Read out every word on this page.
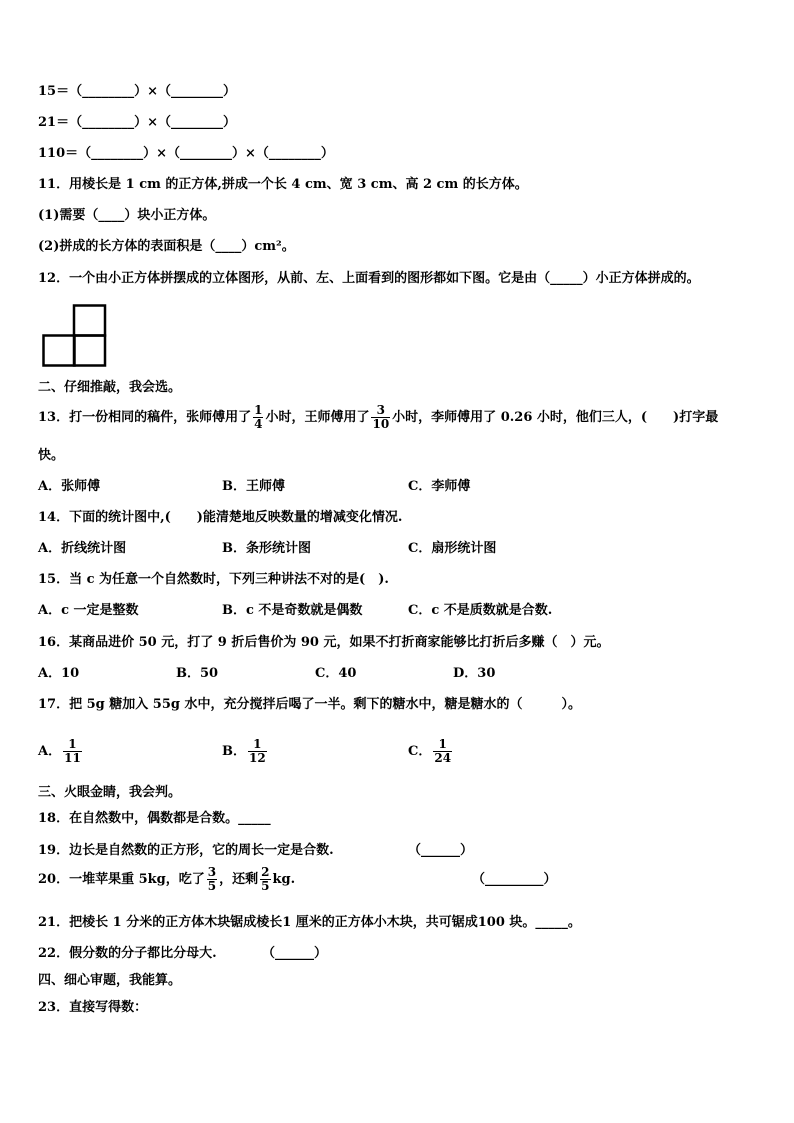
15＝（________）×（________）
21＝（________）×（________）
110＝（________）×（________）×（________）
11．用棱长是 1 cm 的正方体,拼成一个长 4 cm、宽 3 cm、高 2 cm 的长方体。
(1)需要（____）块小正方体。
(2)拼成的长方体的表面积是（____）cm²。
12．一个由小正方体拼摆成的立体图形，从前、左、上面看到的图形都如下图。它是由（_____）小正方体拼成的。
二、仔细推敲，我会选。
13．打一份相同的稿件，张师傅用了 $\frac{1}{4}$ 小时，王师傅用了 $\frac{3}{10}$ 小时，李师傅用了 0.26 小时，他们三人，(　　)打字最
快。
A．张师傅	B．王师傅	C．李师傅
14．下面的统计图中,(　　)能清楚地反映数量的增减变化情况.
A．折线统计图	B．条形统计图	C．扇形统计图
15．当 c 为任意一个自然数时，下列三种讲法不对的是(　).
A．c 一定是整数	B．c 不是奇数就是偶数	C．c 不是质数就是合数.
16．某商品进价 50 元，打了 9 折后售价为 90 元，如果不打折商家能够比打折后多赚（　）元。
A．10	B．50	C．40	D．30
17．把 5g 糖加入 55g 水中，充分搅拌后喝了一半。剩下的糖水中，糖是糖水的（　　　）。
A． $\frac{1}{11}$	B． $\frac{1}{12}$	C． $\frac{1}{24}$
三、火眼金睛，我会判。
18．在自然数中，偶数都是合数。_____
19．边长是自然数的正方形，它的周长一定是合数.	（______）
20．一堆苹果重 5kg，吃了 $\frac{3}{5}$ ，还剩 $\frac{2}{5}$ kg.	（_________）
21．把棱长 1 分米的正方体木块锯成棱长1 厘米的正方体小木块，共可锯成100 块。_____。
22．假分数的分子都比分母大.	（______）
四、细心审题，我能算。
23．直接写得数：
